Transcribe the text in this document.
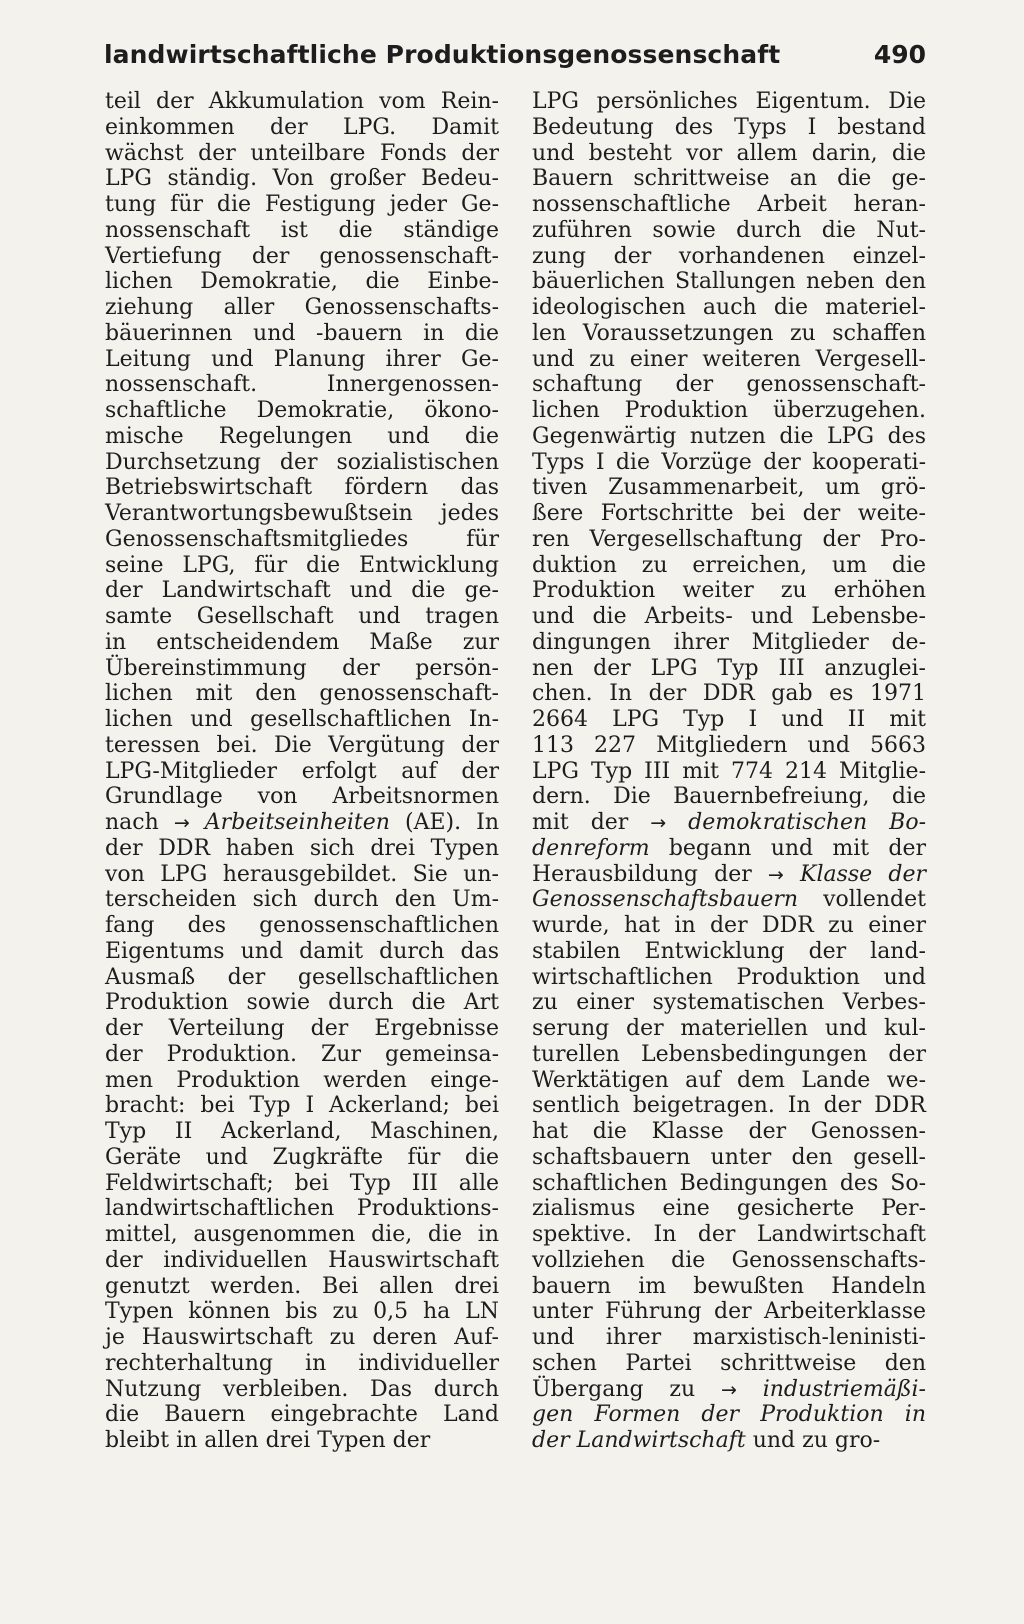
landwirtschaftliche Produktionsgenossenschaft	490
teil der Akkumulation vom Rein-
einkommen der LPG. Damit
wächst der unteilbare Fonds der
LPG ständig. Von großer Bedeu-
tung für die Festigung jeder Ge-
nossenschaft ist die ständige
Vertiefung der genossenschaft-
lichen Demokratie, die Einbe-
ziehung aller Genossenschafts-
bäuerinnen und -bauern in die
Leitung und Planung ihrer Ge-
nossenschaft. Innergenossen-
schaftliche Demokratie, ökono-
mische Regelungen und die
Durchsetzung der sozialistischen
Betriebswirtschaft fördern das
Verantwortungsbewußtsein jedes
Genossenschaftsmitgliedes für
seine LPG, für die Entwicklung
der Landwirtschaft und die ge-
samte Gesellschaft und tragen
in entscheidendem Maße zur
Übereinstimmung der persön-
lichen mit den genossenschaft-
lichen und gesellschaftlichen In-
teressen bei. Die Vergütung der
LPG-Mitglieder erfolgt auf der
Grundlage von Arbeitsnormen
nach → Arbeitseinheiten (AE). In
der DDR haben sich drei Typen
von LPG herausgebildet. Sie un-
terscheiden sich durch den Um-
fang des genossenschaftlichen
Eigentums und damit durch das
Ausmaß der gesellschaftlichen
Produktion sowie durch die Art
der Verteilung der Ergebnisse
der Produktion. Zur gemeinsa-
men Produktion werden einge-
bracht: bei Typ I Ackerland; bei
Typ II Ackerland, Maschinen,
Geräte und Zugkräfte für die
Feldwirtschaft; bei Typ III alle
landwirtschaftlichen Produktions-
mittel, ausgenommen die, die in
der individuellen Hauswirtschaft
genutzt werden. Bei allen drei
Typen können bis zu 0,5 ha LN
je Hauswirtschaft zu deren Auf-
rechterhaltung in individueller
Nutzung verbleiben. Das durch
die Bauern eingebrachte Land
bleibt in allen drei Typen der
LPG persönliches Eigentum. Die
Bedeutung des Typs I bestand
und besteht vor allem darin, die
Bauern schrittweise an die ge-
nossenschaftliche Arbeit heran-
zuführen sowie durch die Nut-
zung der vorhandenen einzel-
bäuerlichen Stallungen neben den
ideologischen auch die materiel-
len Voraussetzungen zu schaffen
und zu einer weiteren Vergesell-
schaftung der genossenschaft-
lichen Produktion überzugehen.
Gegenwärtig nutzen die LPG des
Typs I die Vorzüge der kooperati-
tiven Zusammenarbeit, um grö-
ßere Fortschritte bei der weite-
ren Vergesellschaftung der Pro-
duktion zu erreichen, um die
Produktion weiter zu erhöhen
und die Arbeits- und Lebensbe-
dingungen ihrer Mitglieder de-
nen der LPG Typ III anzuglei-
chen. In der DDR gab es 1971
2664 LPG Typ I und II mit
113 227 Mitgliedern und 5663
LPG Typ III mit 774 214 Mitglie-
dern. Die Bauernbefreiung, die
mit der → demokratischen Bo-
denreform begann und mit der
Herausbildung der → Klasse der
Genossenschaftsbauern vollendet
wurde, hat in der DDR zu einer
stabilen Entwicklung der land-
wirtschaftlichen Produktion und
zu einer systematischen Verbes-
serung der materiellen und kul-
turellen Lebensbedingungen der
Werktätigen auf dem Lande we-
sentlich beigetragen. In der DDR
hat die Klasse der Genossen-
schaftsbauern unter den gesell-
schaftlichen Bedingungen des So-
zialismus eine gesicherte Per-
spektive. In der Landwirtschaft
vollziehen die Genossenschafts-
bauern im bewußten Handeln
unter Führung der Arbeiterklasse
und ihrer marxistisch-leninisti-
schen Partei schrittweise den
Übergang zu → industriemäßi-
gen Formen der Produktion in
der Landwirtschaft und zu gro-
